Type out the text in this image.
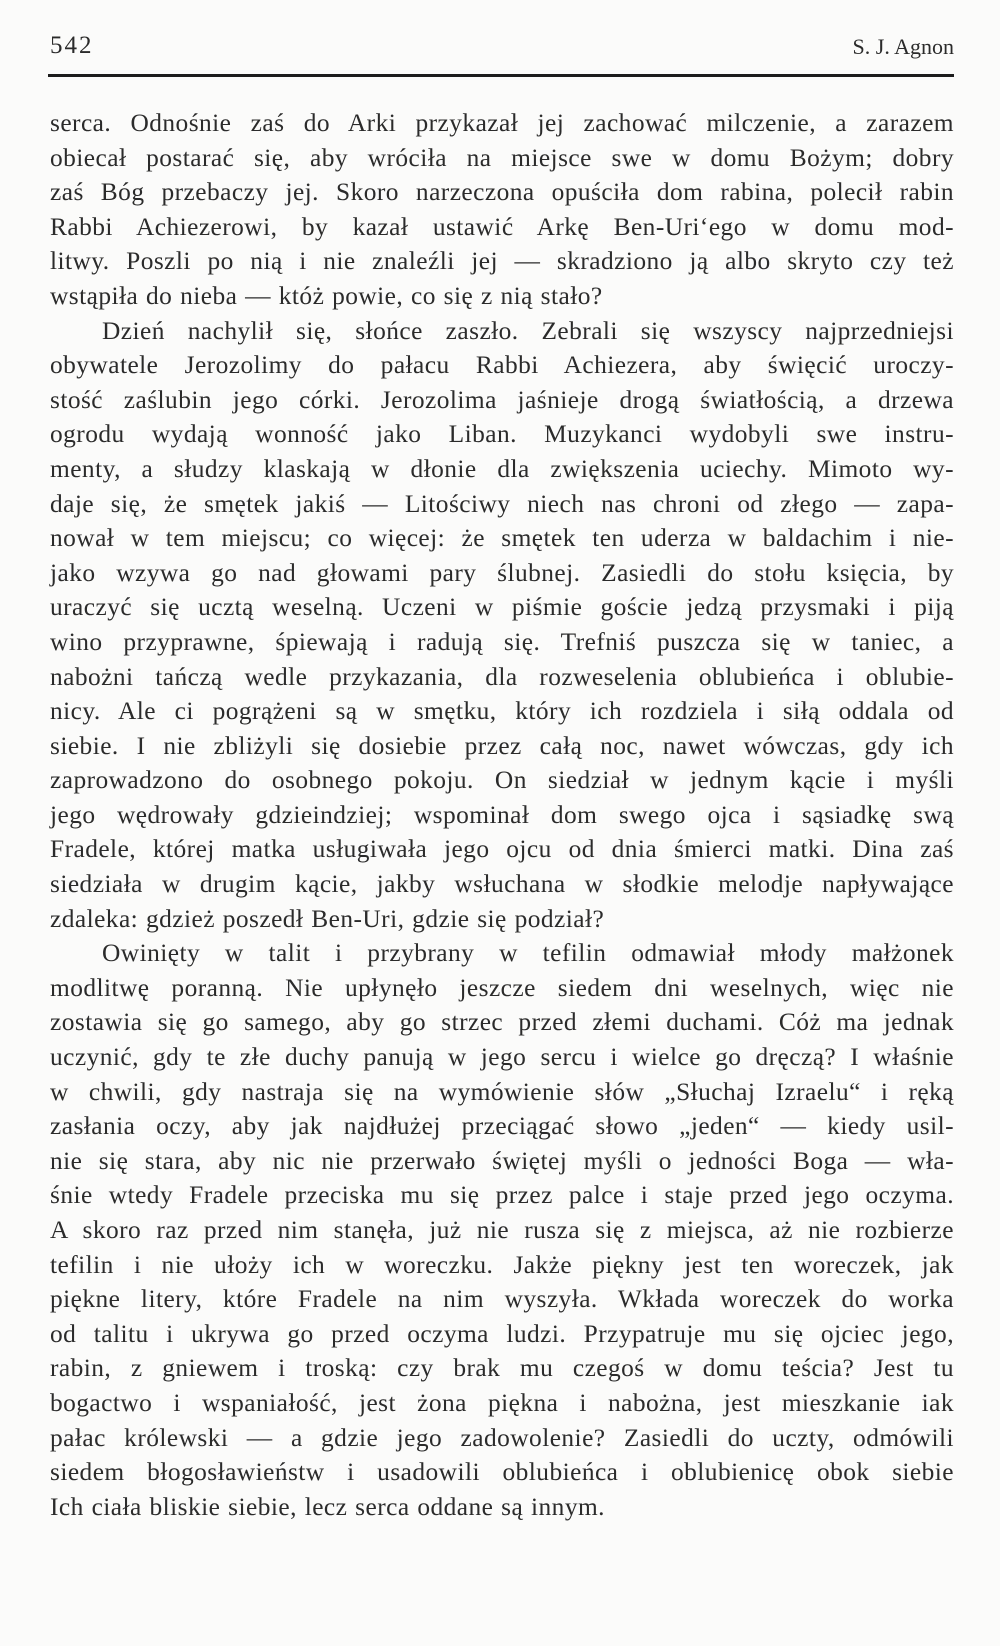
542	S. J. Agnon
serca. Odnośnie zaś do Arki przykazał jej zachować milczenie, a zarazem
obiecał postarać się, aby wróciła na miejsce swe w domu Bożym; dobry
zaś Bóg przebaczy jej. Skoro narzeczona opuściła dom rabina, polecił rabin
Rabbi Achiezerowi, by kazał ustawić Arkę Ben-Uri‘ego w domu mod-
litwy. Poszli po nią i nie znaleźli jej — skradziono ją albo skryto czy też
wstąpiła do nieba — któż powie, co się z nią stało?
Dzień nachylił się, słońce zaszło. Zebrali się wszyscy najprzedniejsi
obywatele Jerozolimy do pałacu Rabbi Achiezera, aby święcić uroczy-
stość zaślubin jego córki. Jerozolima jaśnieje drogą światłością, a drzewa
ogrodu wydają wonność jako Liban. Muzykanci wydobyli swe instru-
menty, a słudzy klaskają w dłonie dla zwiększenia uciechy. Mimoto wy-
daje się, że smętek jakiś — Litościwy niech nas chroni od złego — zapa-
nował w tem miejscu; co więcej: że smętek ten uderza w baldachim i nie-
jako wzywa go nad głowami pary ślubnej. Zasiedli do stołu księcia, by
uraczyć się ucztą weselną. Uczeni w piśmie goście jedzą przysmaki i piją
wino przyprawne, śpiewają i radują się. Trefniś puszcza się w taniec, a
nabożni tańczą wedle przykazania, dla rozweselenia oblubieńca i oblubie-
nicy. Ale ci pogrążeni są w smętku, który ich rozdziela i siłą oddala od
siebie. I nie zbliżyli się dosiebie przez całą noc, nawet wówczas, gdy ich
zaprowadzono do osobnego pokoju. On siedział w jednym kącie i myśli
jego wędrowały gdzieindziej; wspominał dom swego ojca i sąsiadkę swą
Fradele, której matka usługiwała jego ojcu od dnia śmierci matki. Dina zaś
siedziała w drugim kącie, jakby wsłuchana w słodkie melodje napływające
zdaleka: gdzież poszedł Ben-Uri, gdzie się podział?
Owinięty w talit i przybrany w tefilin odmawiał młody małżonek
modlitwę poranną. Nie upłynęło jeszcze siedem dni weselnych, więc nie
zostawia się go samego, aby go strzec przed złemi duchami. Cóż ma jednak
uczynić, gdy te złe duchy panują w jego sercu i wielce go dręczą? I właśnie
w chwili, gdy nastraja się na wymówienie słów „Słuchaj Izraelu“ i ręką
zasłania oczy, aby jak najdłużej przeciągać słowo „jeden“ — kiedy usil-
nie się stara, aby nic nie przerwało świętej myśli o jedności Boga — wła-
śnie wtedy Fradele przeciska mu się przez palce i staje przed jego oczyma.
A skoro raz przed nim stanęła, już nie rusza się z miejsca, aż nie rozbierze
tefilin i nie ułoży ich w woreczku. Jakże piękny jest ten woreczek, jak
piękne litery, które Fradele na nim wyszyła. Wkłada woreczek do worka
od talitu i ukrywa go przed oczyma ludzi. Przypatruje mu się ojciec jego,
rabin, z gniewem i troską: czy brak mu czegoś w domu teścia? Jest tu
bogactwo i wspaniałość, jest żona piękna i nabożna, jest mieszkanie iak
pałac królewski — a gdzie jego zadowolenie? Zasiedli do uczty, odmówili
siedem błogosławieństw i usadowili oblubieńca i oblubienicę obok siebie
Ich ciała bliskie siebie, lecz serca oddane są innym.
